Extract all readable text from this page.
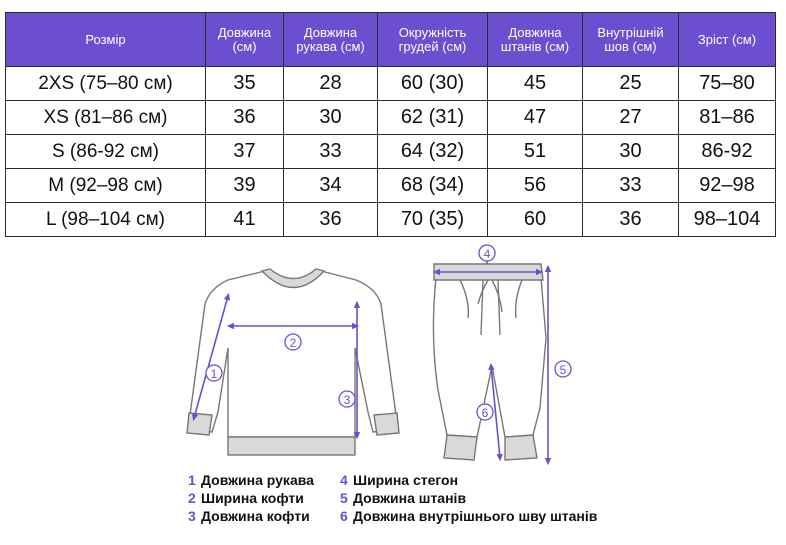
Розмір	Довжина (см)	Довжина рукава (см)	Окружність грудей (см)	Довжина штанів (см)	Внутрішній шов (см)	Зріст (см)
2XS (75–80 см)	35	28	60 (30)	45	25	75–80
XS (81–86 см)	36	30	62 (31)	47	27	81–86
S (86-92 см)	37	33	64 (32)	51	30	86-92
M (92–98 см)	39	34	68 (34)	56	33	92–98
L (98–104 см)	41	36	70 (35)	60	36	98–104
1
2
3
4
5
6
1 Довжина рукава
2 Ширина кофти
3 Довжина кофти
4 Ширина стегон
5 Довжина штанів
6 Довжина внутрішнього шву штанів
